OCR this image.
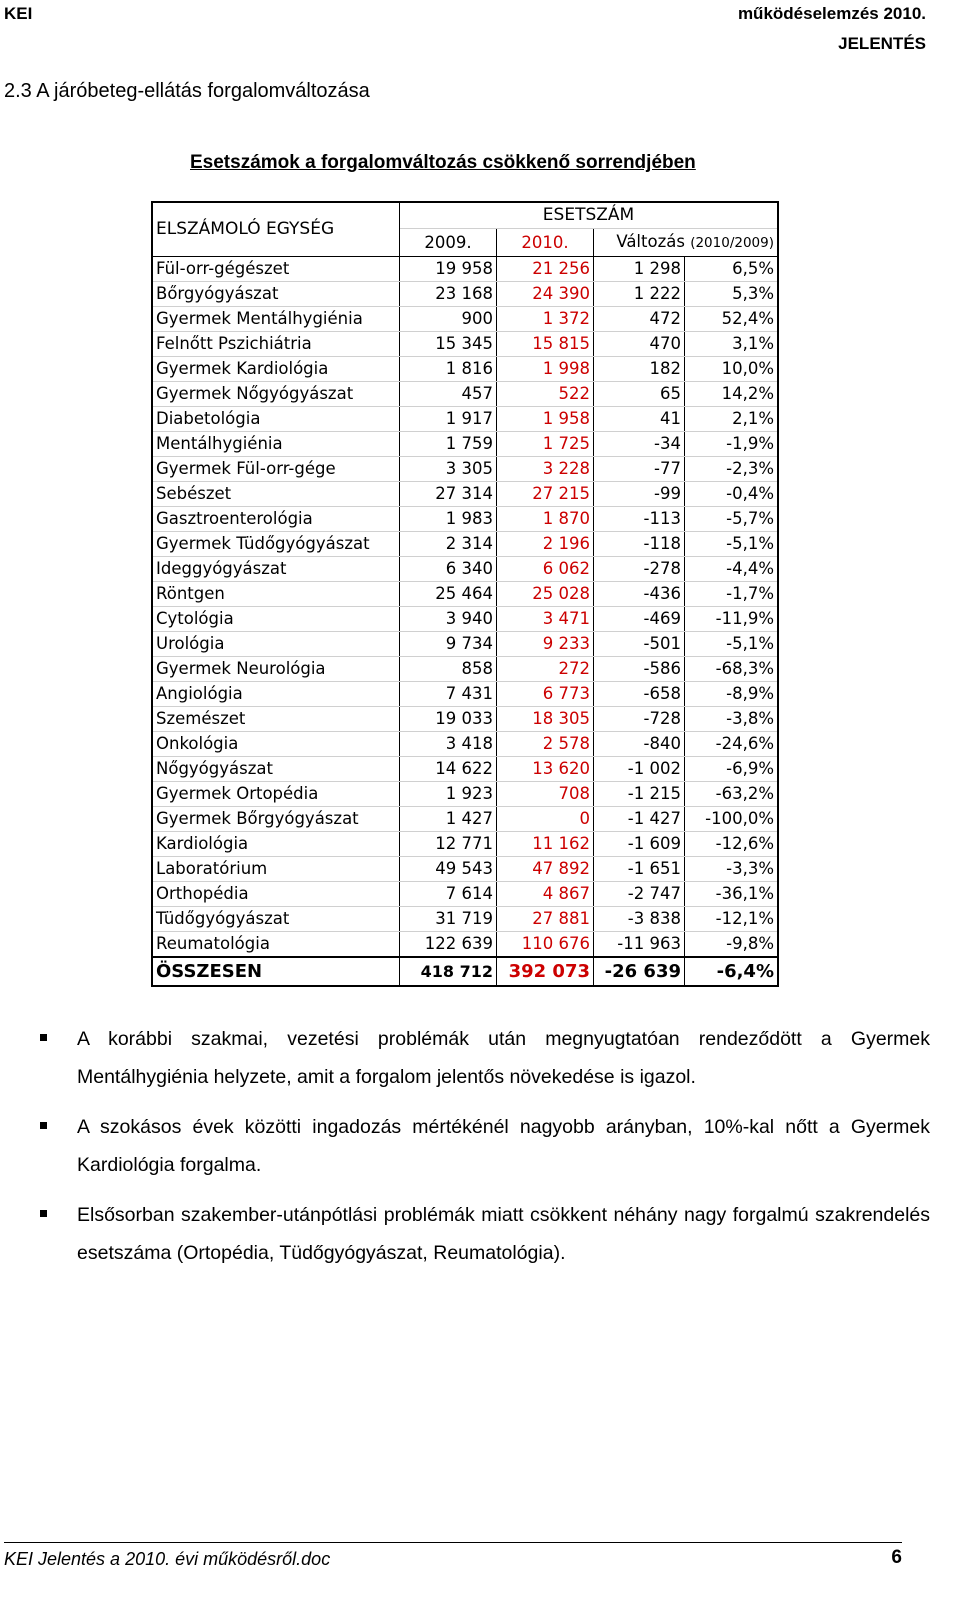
KEI	működéselemzés 2010.
JELENTÉS
2.3 A járóbeteg-ellátás forgalomváltozása
Esetszámok a forgalomváltozás csökkenő sorrendjében
ELSZÁMOLÓ EGYSÉG	ESETSZÁM			
	2009.	2010.	Változás (2010/2009)	
Fül-orr-gégészet	19 958	21 256	1 298	6,5%
Bőrgyógyászat	23 168	24 390	1 222	5,3%
Gyermek Mentálhygiénia	900	1 372	472	52,4%
Felnőtt Pszichiátria	15 345	15 815	470	3,1%
Gyermek Kardiológia	1 816	1 998	182	10,0%
Gyermek Nőgyógyászat	457	522	65	14,2%
Diabetológia	1 917	1 958	41	2,1%
Mentálhygiénia	1 759	1 725	-34	-1,9%
Gyermek Fül-orr-gége	3 305	3 228	-77	-2,3%
Sebészet	27 314	27 215	-99	-0,4%
Gasztroenterológia	1 983	1 870	-113	-5,7%
Gyermek Tüdőgyógyászat	2 314	2 196	-118	-5,1%
Ideggyógyászat	6 340	6 062	-278	-4,4%
Röntgen	25 464	25 028	-436	-1,7%
Cytológia	3 940	3 471	-469	-11,9%
Urológia	9 734	9 233	-501	-5,1%
Gyermek Neurológia	858	272	-586	-68,3%
Angiológia	7 431	6 773	-658	-8,9%
Szemészet	19 033	18 305	-728	-3,8%
Onkológia	3 418	2 578	-840	-24,6%
Nőgyógyászat	14 622	13 620	-1 002	-6,9%
Gyermek Ortopédia	1 923	708	-1 215	-63,2%
Gyermek Bőrgyógyászat	1 427	0	-1 427	-100,0%
Kardiológia	12 771	11 162	-1 609	-12,6%
Laboratórium	49 543	47 892	-1 651	-3,3%
Orthopédia	7 614	4 867	-2 747	-36,1%
Tüdőgyógyászat	31 719	27 881	-3 838	-12,1%
Reumatológia	122 639	110 676	-11 963	-9,8%
ÖSSZESEN	418 712	392 073	-26 639	-6,4%
A korábbi szakmai, vezetési problémák után megnyugtatóan rendeződött a Gyermek Mentálhygiénia helyzete, amit a forgalom jelentős növekedése is igazol.
A szokásos évek közötti ingadozás mértékénél nagyobb arányban, 10%-kal nőtt a Gyermek Kardiológia forgalma.
Elsősorban szakember-utánpótlási problémák miatt csökkent néhány nagy forgalmú szakrendelés esetszáma (Ortopédia, Tüdőgyógyászat, Reumatológia).
KEI Jelentés a 2010. évi működésről.doc	6
